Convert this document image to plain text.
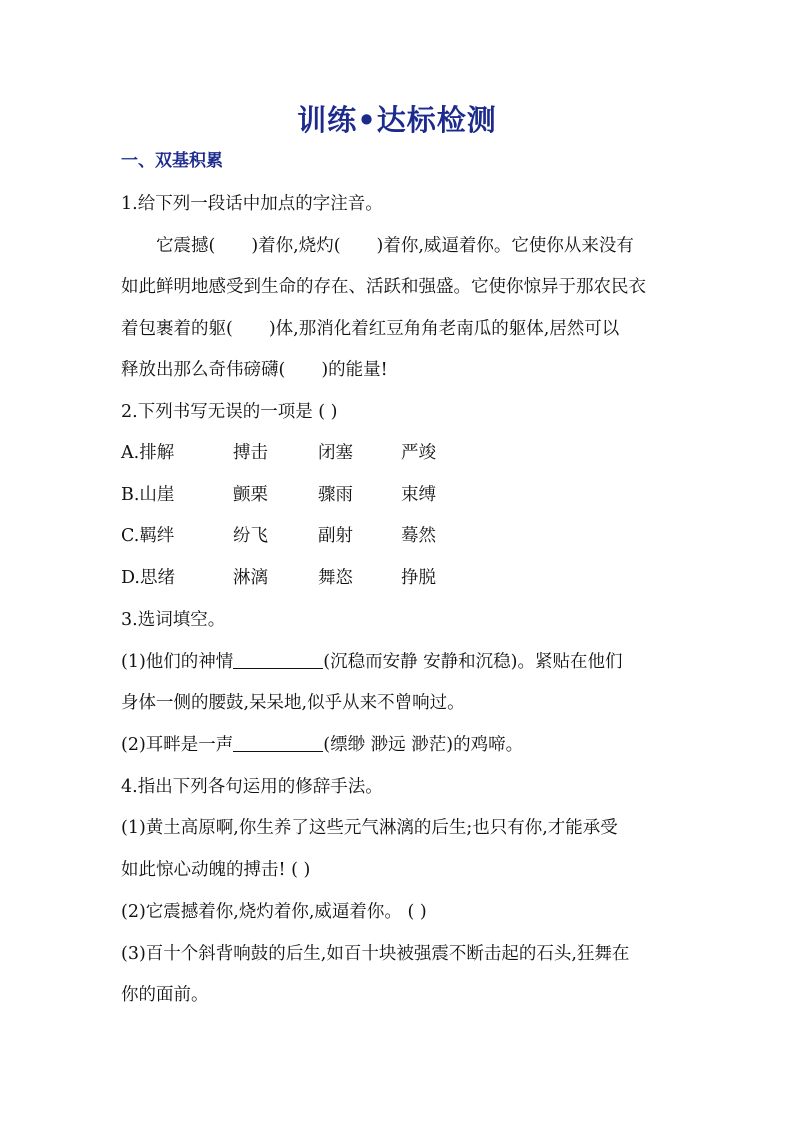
训练•达标检测
一、双基积累
1.给下列一段话中加点的字注音。
它震撼( )着你,烧灼( )着你,威逼着你。它使你从来没有
如此鲜明地感受到生命的存在、活跃和强盛。它使你惊异于那农民衣
着包裹着的躯( )体,那消化着红豆角角老南瓜的躯体,居然可以
释放出那么奇伟磅礴( )的能量!
2.下列书写无误的一项是 ( )
A.排解	搏击	闭塞	严竣
B.山崖	颤栗	骤雨	束缚
C.羁绊	纷飞	副射	蓦然
D.思绪	淋漓	舞恣	挣脱
3.选词填空。
(1)他们的神情	(沉稳而安静 安静和沉稳)。紧贴在他们
身体一侧的腰鼓,呆呆地,似乎从来不曾响过。
(2)耳畔是一声	(缥缈 渺远 渺茫)的鸡啼。
4.指出下列各句运用的修辞手法。
(1)黄土高原啊,你生养了这些元气淋漓的后生;也只有你,才能承受
如此惊心动魄的搏击! ( )
(2)它震撼着你,烧灼着你,威逼着你。 ( )
(3)百十个斜背响鼓的后生,如百十块被强震不断击起的石头,狂舞在
你的面前。
